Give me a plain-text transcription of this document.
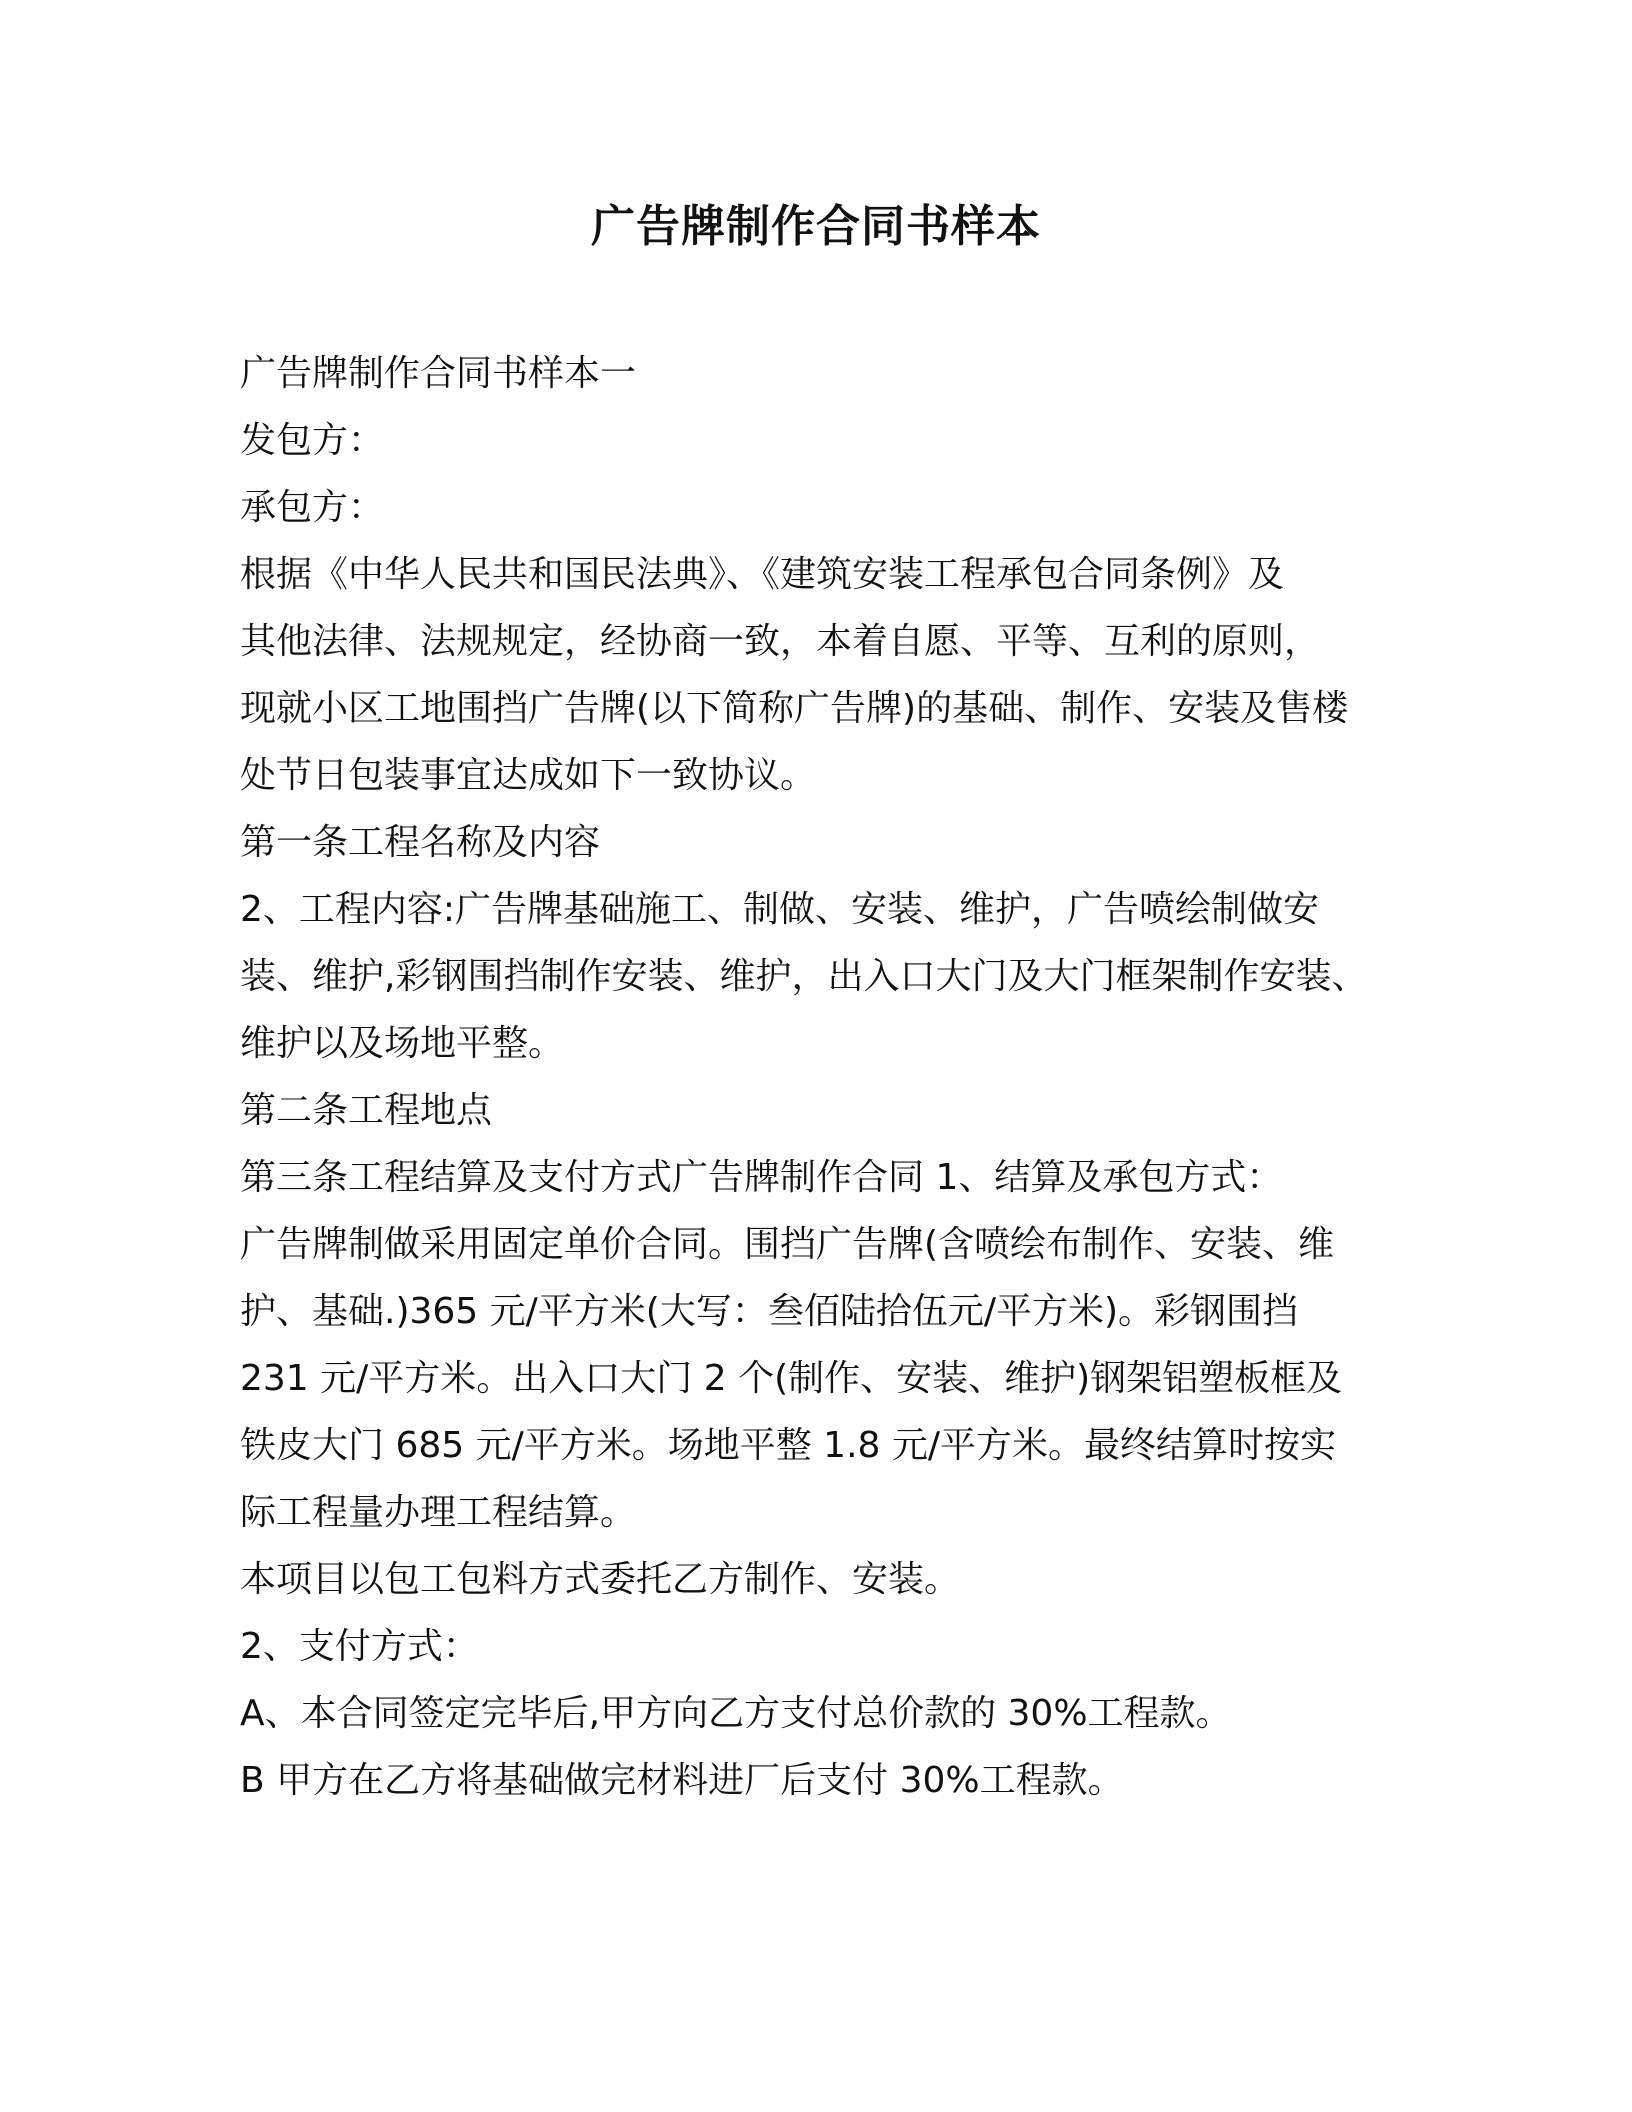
广告牌制作合同书样本

广告牌制作合同书样本一

发包方：

承包方：

根据《中华人民共和国民法典》、《建筑安装工程承包合同条例》及

其他法律、法规规定，经协商一致，本着自愿、平等、互利的原则，

现就小区工地围挡广告牌(以下简称广告牌)的基础、制作、安装及售楼

处节日包装事宜达成如下一致协议。

第一条工程名称及内容

2、工程内容:广告牌基础施工、制做、安装、维护，广告喷绘制做安

装、维护,彩钢围挡制作安装、维护，出入口大门及大门框架制作安装、

维护以及场地平整。

第二条工程地点

第三条工程结算及支付方式广告牌制作合同 1、结算及承包方式：

广告牌制做采用固定单价合同。围挡广告牌(含喷绘布制作、安装、维

护、基础.)365 元/平方米(大写：叁佰陆拾伍元/平方米)。彩钢围挡

231 元/平方米。出入口大门 2 个(制作、安装、维护)钢架铝塑板框及

铁皮大门 685 元/平方米。场地平整 1.8 元/平方米。最终结算时按实

际工程量办理工程结算。

本项目以包工包料方式委托乙方制作、安装。

2、支付方式：

A、本合同签定完毕后,甲方向乙方支付总价款的 30%工程款。

B 甲方在乙方将基础做完材料进厂后支付 30%工程款。
